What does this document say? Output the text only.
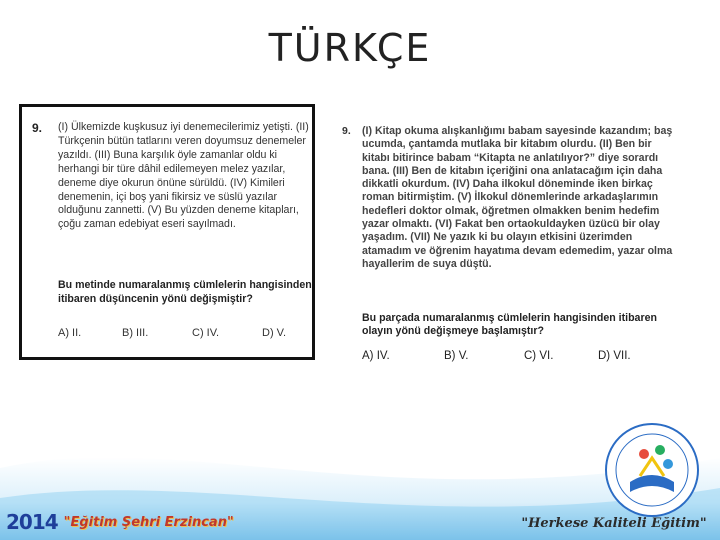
TÜRKÇE
9. (I) Ülkemizde kuşkusuz iyi denemecilerimiz yetişti. (II) Türkçenin bütün tatlarını veren doyumsuz denemeler yazıldı. (III) Buna karşılık öyle zamanlar oldu ki herhangi bir türe dâhil edilemeyen melez yazılar, deneme diye okurun önüne sürüldü. (IV) Kimileri denemenin, içi boş yani fikirsiz ve süslü yazılar olduğunu zannetti. (V) Bu yüzden deneme kitapları, çoğu zaman edebiyat eseri sayılmadı.
Bu metinde numaralanmış cümlelerin hangisinden itibaren düşüncenin yönü değişmiştir?
A) II.	B) III.	C) IV.	D) V.
9. (I) Kitap okuma alışkanlığımı babam sayesinde kazandım; baş ucumda, çantamda mutlaka bir kitabım olurdu. (II) Ben bir kitabı bitirince babam “Kitapta ne anlatılıyor?” diye sorardı bana. (III) Ben de kitabın içeriğini ona anlatacağım için daha dikkatli okurdum. (IV) Daha ilkokul döneminde iken birkaç roman bitirmiştim. (V) İlkokul dönemlerinde arkadaşlarımın hedefleri doktor olmak, öğretmen olmakken benim hedefim yazar olmaktı. (VI) Fakat ben ortaokuldayken üzücü bir olay yaşadım. (VII) Ne yazık ki bu olayın etkisini üzerimden atamadım ve öğrenim hayatıma devam edemedim, yazar olma hayallerim de suya düştü.
Bu parçada numaralanmış cümlelerin hangisinden itibaren olayın yönü değişmeye başlamıştır?
A) IV.	B) V.	C) VI.	D) VII.
2014 "Eğitim Şehri Erzincan"	"Herkese Kaliteli Eğitim"
